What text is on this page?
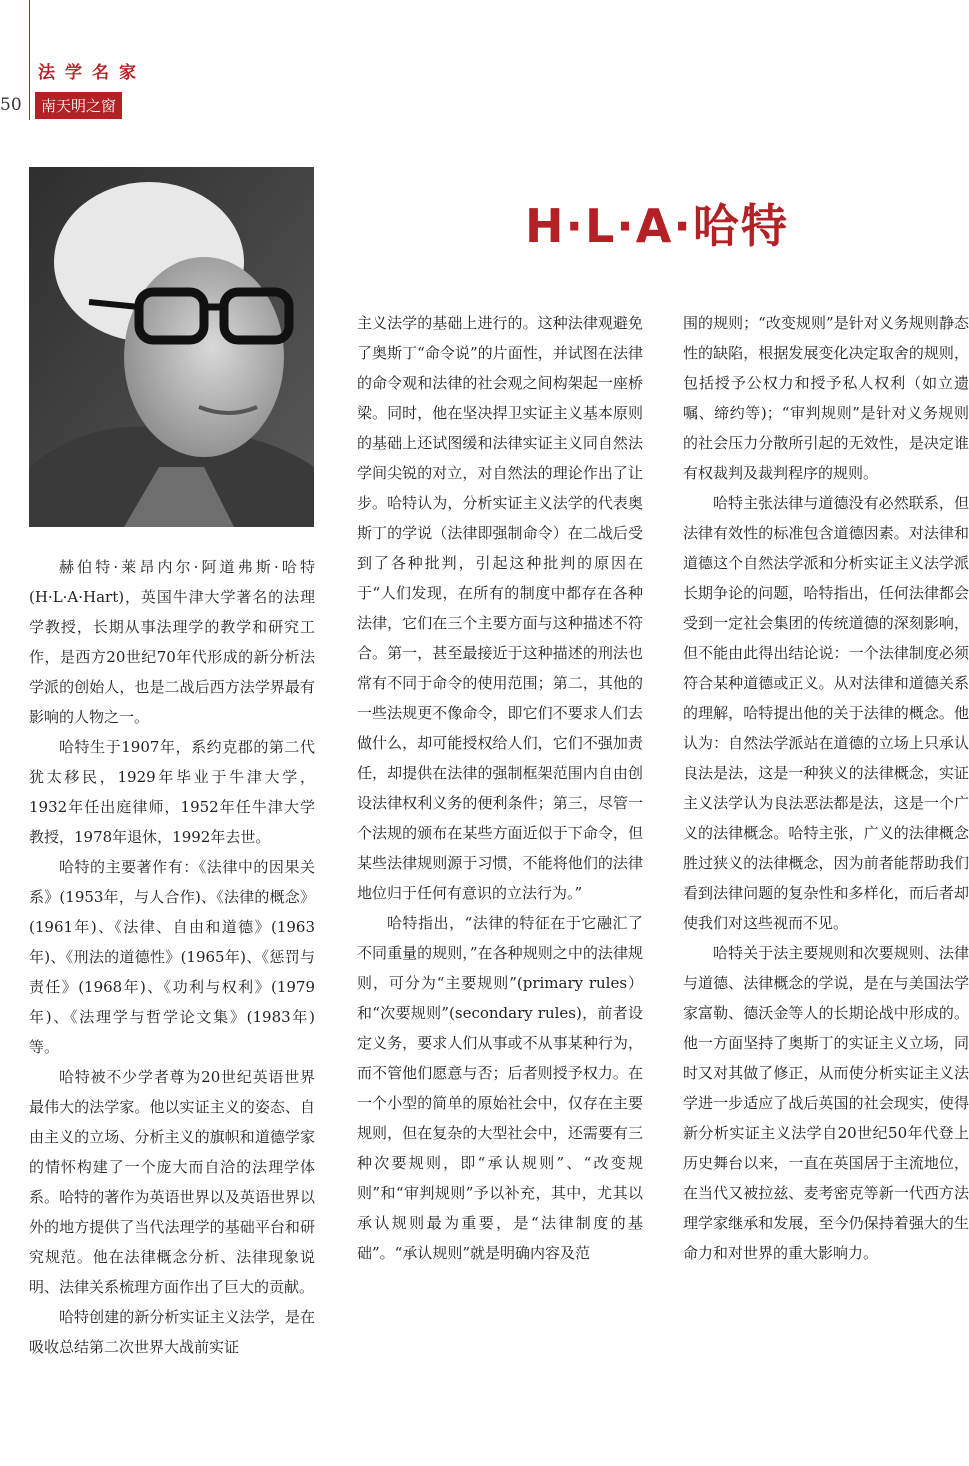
法学名家
50	南天明之窗
H·L·A·哈特

赫伯特·莱昂内尔·阿道弗斯·哈特(H·L·A·Hart)，英国牛津大学著名的法理学教授，长期从事法理学的教学和研究工作，是西方20世纪70年代形成的新分析法学派的创始人，也是二战后西方法学界最有影响的人物之一。

哈特生于1907年，系约克郡的第二代犹太移民，1929年毕业于牛津大学，1932年任出庭律师，1952年任牛津大学教授，1978年退休，1992年去世。

哈特的主要著作有：《法律中的因果关系》(1953年，与人合作)、《法律的概念》(1961年)、《法律、自由和道德》(1963年)、《刑法的道德性》(1965年)、《惩罚与责任》(1968年)、《功利与权利》(1979年)、《法理学与哲学论文集》(1983年) 等。

哈特被不少学者尊为20世纪英语世界最伟大的法学家。他以实证主义的姿态、自由主义的立场、分析主义的旗帜和道德学家的情怀构建了一个庞大而自洽的法理学体系。哈特的著作为英语世界以及英语世界以外的地方提供了当代法理学的基础平台和研究规范。他在法律概念分析、法律现象说明、法律关系梳理方面作出了巨大的贡献。

哈特创建的新分析实证主义法学，是在吸收总结第二次世界大战前实证

主义法学的基础上进行的。这种法律观避免了奥斯丁“命令说”的片面性，并试图在法律的命令观和法律的社会观之间构架起一座桥梁。同时，他在坚决捍卫实证主义基本原则的基础上还试图缓和法律实证主义同自然法学间尖锐的对立，对自然法的理论作出了让步。哈特认为，分析实证主义法学的代表奥斯丁的学说（法律即强制命令）在二战后受到了各种批判，引起这种批判的原因在于“人们发现，在所有的制度中都存在各种法律，它们在三个主要方面与这种描述不符合。第一，甚至最接近于这种描述的刑法也常有不同于命令的使用范围；第二，其他的一些法规更不像命令，即它们不要求人们去做什么，却可能授权给人们，它们不强加责任，却提供在法律的强制框架范围内自由创设法律权利义务的便利条件；第三，尽管一个法规的颁布在某些方面近似于下命令，但某些法律规则源于习惯，不能将他们的法律地位归于任何有意识的立法行为。”

哈特指出，“法律的特征在于它融汇了不同重量的规则，”在各种规则之中的法律规则，可分为“主要规则”(primary rules）和“次要规则”(secondary rules)，前者设定义务，要求人们从事或不从事某种行为，而不管他们愿意与否；后者则授予权力。在一个小型的简单的原始社会中，仅存在主要规则，但在复杂的大型社会中，还需要有三种次要规则，即“承认规则”、“改变规则”和“审判规则”予以补充，其中，尤其以承认规则最为重要，是“法律制度的基础”。“承认规则”就是明确内容及范

围的规则；“改变规则”是针对义务规则静态性的缺陷，根据发展变化决定取舍的规则，包括授予公权力和授予私人权利（如立遗嘱、缔约等)；“审判规则”是针对义务规则的社会压力分散所引起的无效性，是决定谁有权裁判及裁判程序的规则。

哈特主张法律与道德没有必然联系，但法律有效性的标准包含道德因素。对法律和道德这个自然法学派和分析实证主义法学派长期争论的问题，哈特指出，任何法律都会受到一定社会集团的传统道德的深刻影响，但不能由此得出结论说：一个法律制度必须符合某种道德或正义。从对法律和道德关系的理解，哈特提出他的关于法律的概念。他认为：自然法学派站在道德的立场上只承认良法是法，这是一种狭义的法律概念，实证主义法学认为良法恶法都是法，这是一个广义的法律概念。哈特主张，广义的法律概念胜过狭义的法律概念，因为前者能帮助我们看到法律问题的复杂性和多样化，而后者却使我们对这些视而不见。

哈特关于法主要规则和次要规则、法律与道德、法律概念的学说，是在与美国法学家富勒、德沃金等人的长期论战中形成的。他一方面坚持了奥斯丁的实证主义立场，同时又对其做了修正，从而使分析实证主义法学进一步适应了战后英国的社会现实，使得新分析实证主义法学自20世纪50年代登上历史舞台以来，一直在英国居于主流地位，在当代又被拉兹、麦考密克等新一代西方法理学家继承和发展，至今仍保持着强大的生命力和对世界的重大影响力。
